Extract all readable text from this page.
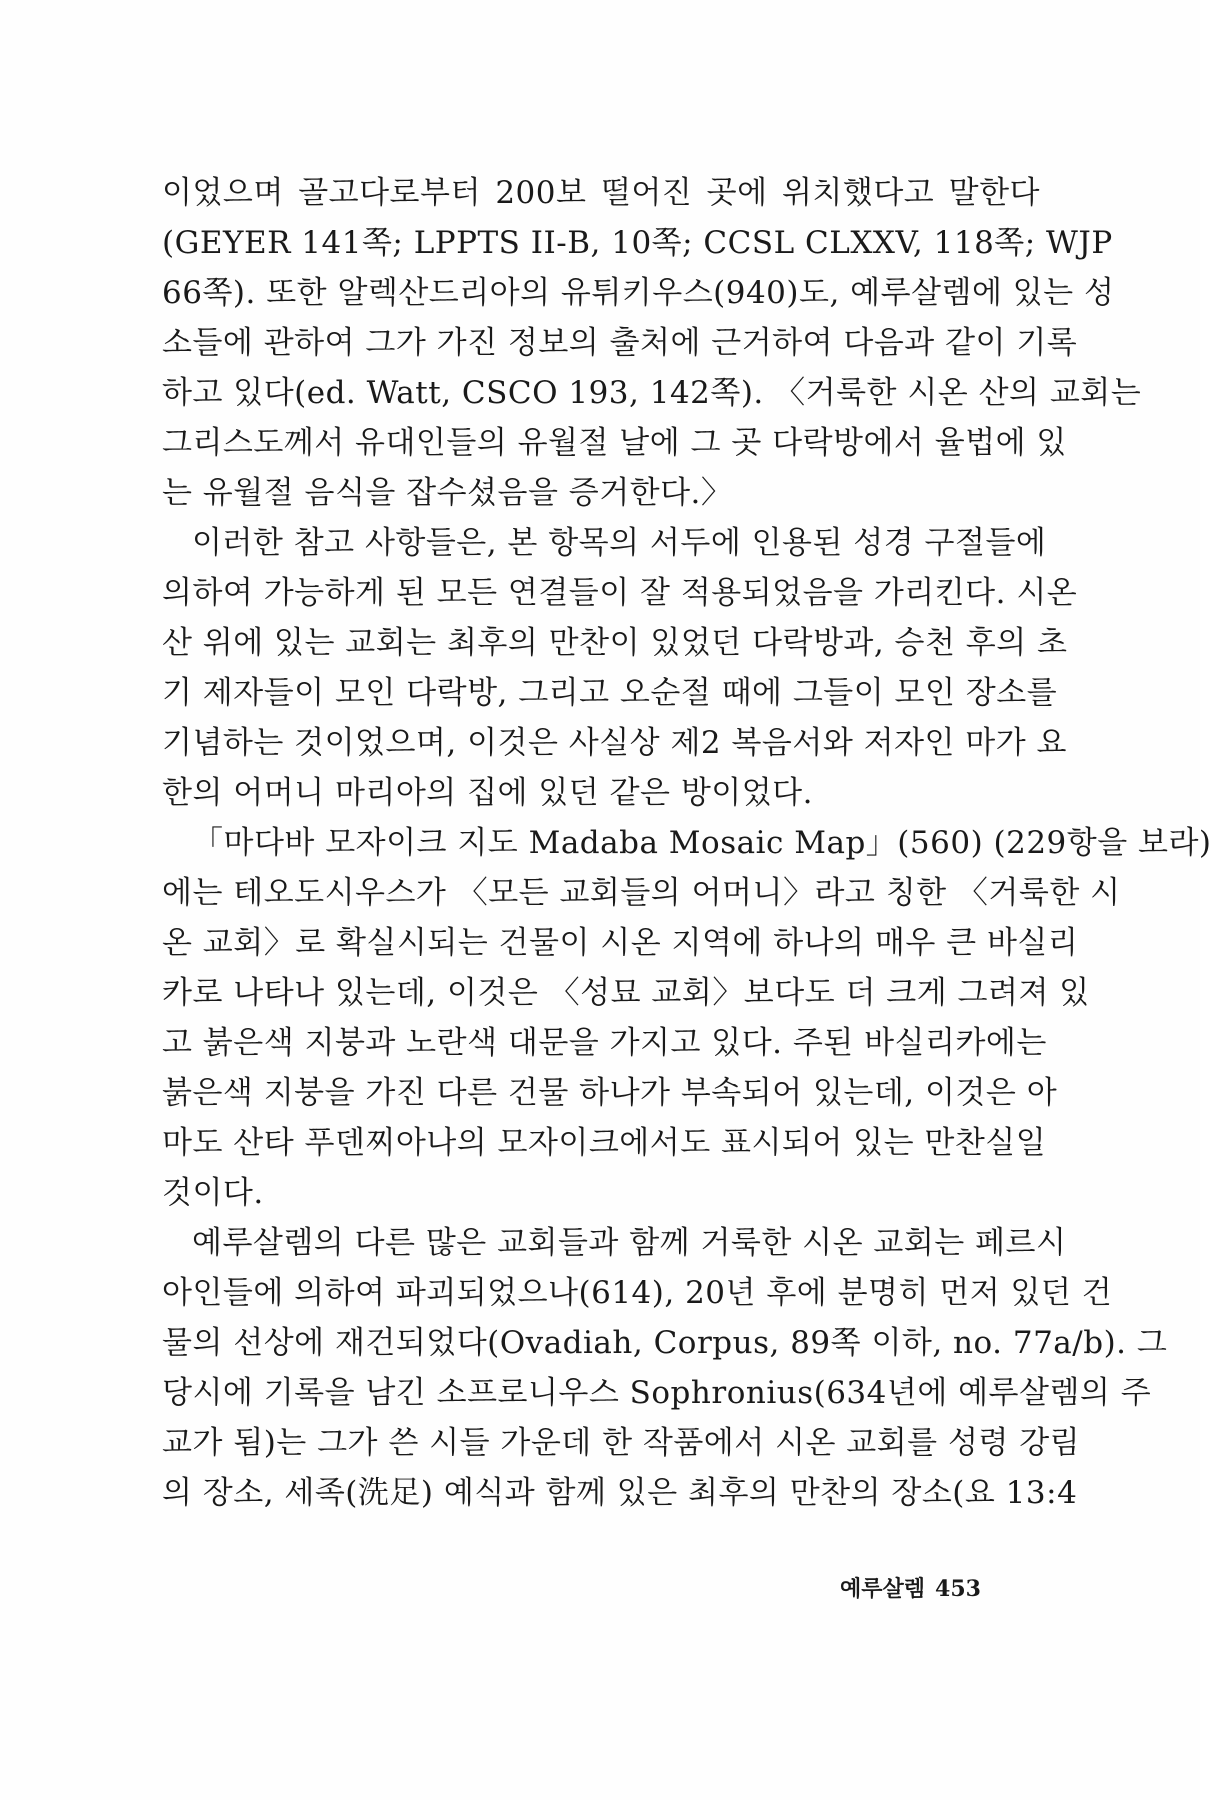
이었으며 골고다로부터 200보 떨어진 곳에 위치했다고 말한다
(GEYER 141쪽; LPPTS II-B, 10쪽; CCSL CLXXV, 118쪽; WJP
66쪽). 또한 알렉산드리아의 유튀키우스(940)도, 예루살렘에 있는 성
소들에 관하여 그가 가진 정보의 출처에 근거하여 다음과 같이 기록
하고 있다(ed. Watt, CSCO 193, 142쪽). 〈거룩한 시온 산의 교회는
그리스도께서 유대인들의 유월절 날에 그 곳 다락방에서 율법에 있
는 유월절 음식을 잡수셨음을 증거한다.〉
이러한 참고 사항들은, 본 항목의 서두에 인용된 성경 구절들에
의하여 가능하게 된 모든 연결들이 잘 적용되었음을 가리킨다. 시온
산 위에 있는 교회는 최후의 만찬이 있었던 다락방과, 승천 후의 초
기 제자들이 모인 다락방, 그리고 오순절 때에 그들이 모인 장소를
기념하는 것이었으며, 이것은 사실상 제2 복음서와 저자인 마가 요
한의 어머니 마리아의 집에 있던 같은 방이었다.
「마다바 모자이크 지도 Madaba Mosaic Map」(560) (229항을 보라)
에는 테오도시우스가 〈모든 교회들의 어머니〉라고 칭한 〈거룩한 시
온 교회〉로 확실시되는 건물이 시온 지역에 하나의 매우 큰 바실리
카로 나타나 있는데, 이것은 〈성묘 교회〉보다도 더 크게 그려져 있
고 붉은색 지붕과 노란색 대문을 가지고 있다. 주된 바실리카에는
붉은색 지붕을 가진 다른 건물 하나가 부속되어 있는데, 이것은 아
마도 산타 푸덴찌아나의 모자이크에서도 표시되어 있는 만찬실일
것이다.
예루살렘의 다른 많은 교회들과 함께 거룩한 시온 교회는 페르시
아인들에 의하여 파괴되었으나(614), 20년 후에 분명히 먼저 있던 건
물의 선상에 재건되었다(Ovadiah, Corpus, 89쪽 이하, no. 77a/b). 그
당시에 기록을 남긴 소프로니우스 Sophronius(634년에 예루살렘의 주
교가 됨)는 그가 쓴 시들 가운데 한 작품에서 시온 교회를 성령 강림
의 장소, 세족(洗足) 예식과 함께 있은 최후의 만찬의 장소(요 13:4
예루살렘 453
